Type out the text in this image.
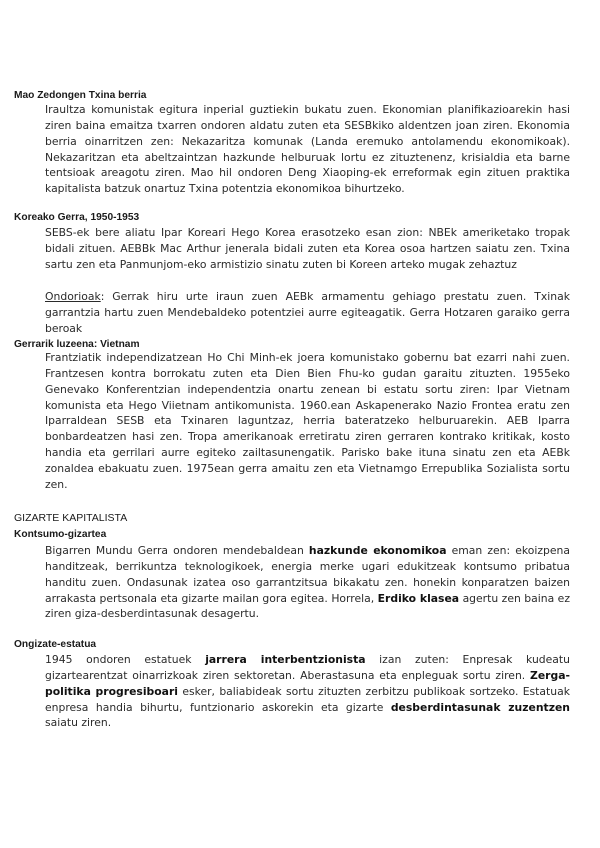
Mao Zedongen Txina berria

Iraultza komunistak egitura inperial guztiekin bukatu zuen. Ekonomian planifikazioarekin hasi ziren baina emaitza txarren ondoren aldatu zuten eta SESBkiko aldentzen joan ziren. Ekonomia berria oinarritzen zen: Nekazaritza komunak (Landa eremuko antolamendu ekonomikoak). Nekazaritzan eta abeltzaintzan hazkunde helburuak lortu ez zituztenenz, krisialdia eta barne tentsioak areagotu ziren. Mao hil ondoren Deng Xiaoping-ek erreformak egin zituen praktika kapitalista batzuk onartuz Txina potentzia ekonomikoa bihurtzeko.

Koreako Gerra, 1950-1953

SEBS-ek bere aliatu Ipar Koreari Hego Korea erasotzeko esan zion: NBEk ameriketako tropak bidali zituen. AEBBk Mac Arthur jenerala bidali zuten eta Korea osoa hartzen saiatu zen. Txina sartu zen eta Panmunjom-eko armistizio sinatu zuten bi Koreen arteko mugak zehaztuz

Ondorioak: Gerrak hiru urte iraun zuen AEBk armamentu gehiago prestatu zuen. Txinak garrantzia hartu zuen Mendebaldeko potentziei aurre egiteagatik. Gerra Hotzaren garaiko gerra beroak

Gerrarik luzeena: Vietnam

Frantziatik independizatzean Ho Chi Minh-ek joera komunistako gobernu bat ezarri nahi zuen. Frantzesen kontra borrokatu zuten eta Dien Bien Fhu-ko gudan garaitu zituzten. 1955eko Genevako Konferentzian independentzia onartu zenean bi estatu sortu ziren: Ipar Vietnam komunista eta Hego Viietnam antikomunista. 1960.ean Askapenerako Nazio Frontea eratu zen Iparraldean SESB eta Txinaren laguntzaz, herria bateratzeko helburuarekin. AEB Iparra bonbardeatzen hasi zen. Tropa amerikanoak erretiratu ziren gerraren kontrako kritikak, kosto handia eta gerrilari aurre egiteko zailtasunengatik. Parisko bake ituna sinatu zen eta AEBk zonaldea ebakuatu zuen. 1975ean gerra amaitu zen eta Vietnamgo Errepublika Sozialista sortu zen.

GIZARTE KAPITALISTA
Kontsumo-gizartea

Bigarren Mundu Gerra ondoren mendebaldean hazkunde ekonomikoa eman zen: ekoizpena handitzeak, berrikuntza teknologikoek, energia merke ugari edukitzeak kontsumo pribatua handitu zuen. Ondasunak izatea oso garrantzitsua bikakatu zen. honekin konparatzen baizen arrakasta pertsonala eta gizarte mailan gora egitea. Horrela, Erdiko klasea agertu zen baina ez ziren giza-desberdintasunak desagertu.

Ongizate-estatua

1945 ondoren estatuek jarrera interbentzionista izan zuten: Enpresak kudeatu gizartearentzat oinarrizkoak ziren sektoretan. Aberastasuna eta enpleguak sortu ziren. Zerga-politika progresiboari esker, baliabideak sortu zituzten zerbitzu publikoak sortzeko. Estatuak enpresa handia bihurtu, funtzionario askorekin eta gizarte desberdintasunak zuzentzen saiatu ziren.
